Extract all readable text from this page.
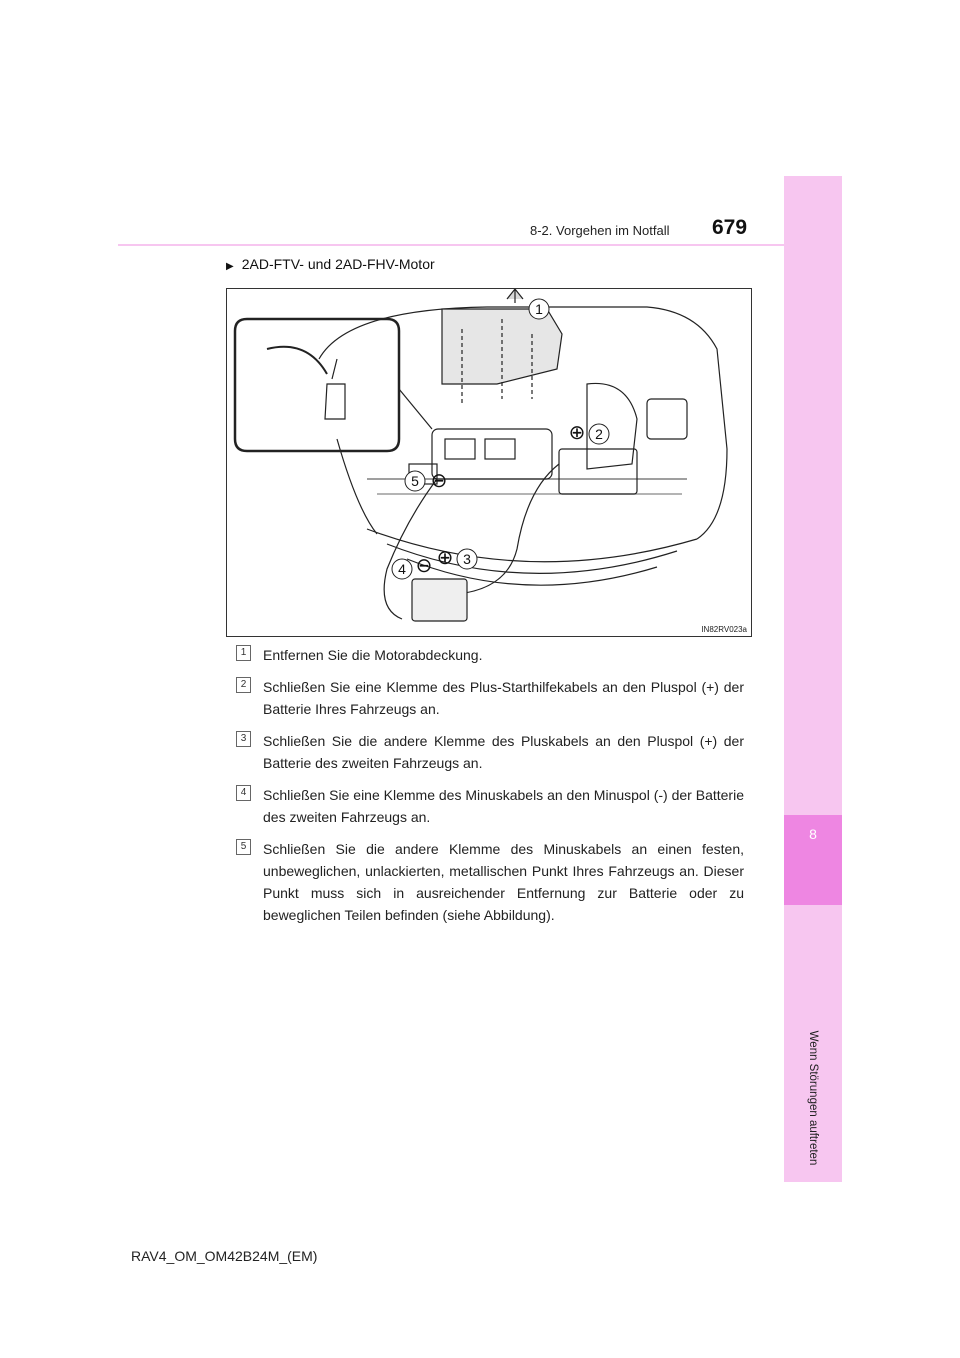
8
Wenn Störungen auftreten
8-2. Vorgehen im Notfall 679
▶ 2AD-FTV- und 2AD-FHV-Motor
1
⊕ 2
⊕ 3
4 ⊖
5 ⊖
IN82RV023a
1	Entfernen Sie die Motorabdeckung.
2	Schließen Sie eine Klemme des Plus-Starthilfekabels an den Pluspol (+) der Batterie Ihres Fahrzeugs an.
3	Schließen Sie die andere Klemme des Pluskabels an den Pluspol (+) der Batterie des zweiten Fahrzeugs an.
4	Schließen Sie eine Klemme des Minuskabels an den Minuspol (-) der Batterie des zweiten Fahrzeugs an.
5	Schließen Sie die andere Klemme des Minuskabels an einen festen, unbeweglichen, unlackierten, metallischen Punkt Ihres Fahrzeugs an. Dieser Punkt muss sich in ausreichender Entfernung zur Batterie oder zu beweglichen Teilen befinden (siehe Abbildung).
RAV4_OM_OM42B24M_(EM)
